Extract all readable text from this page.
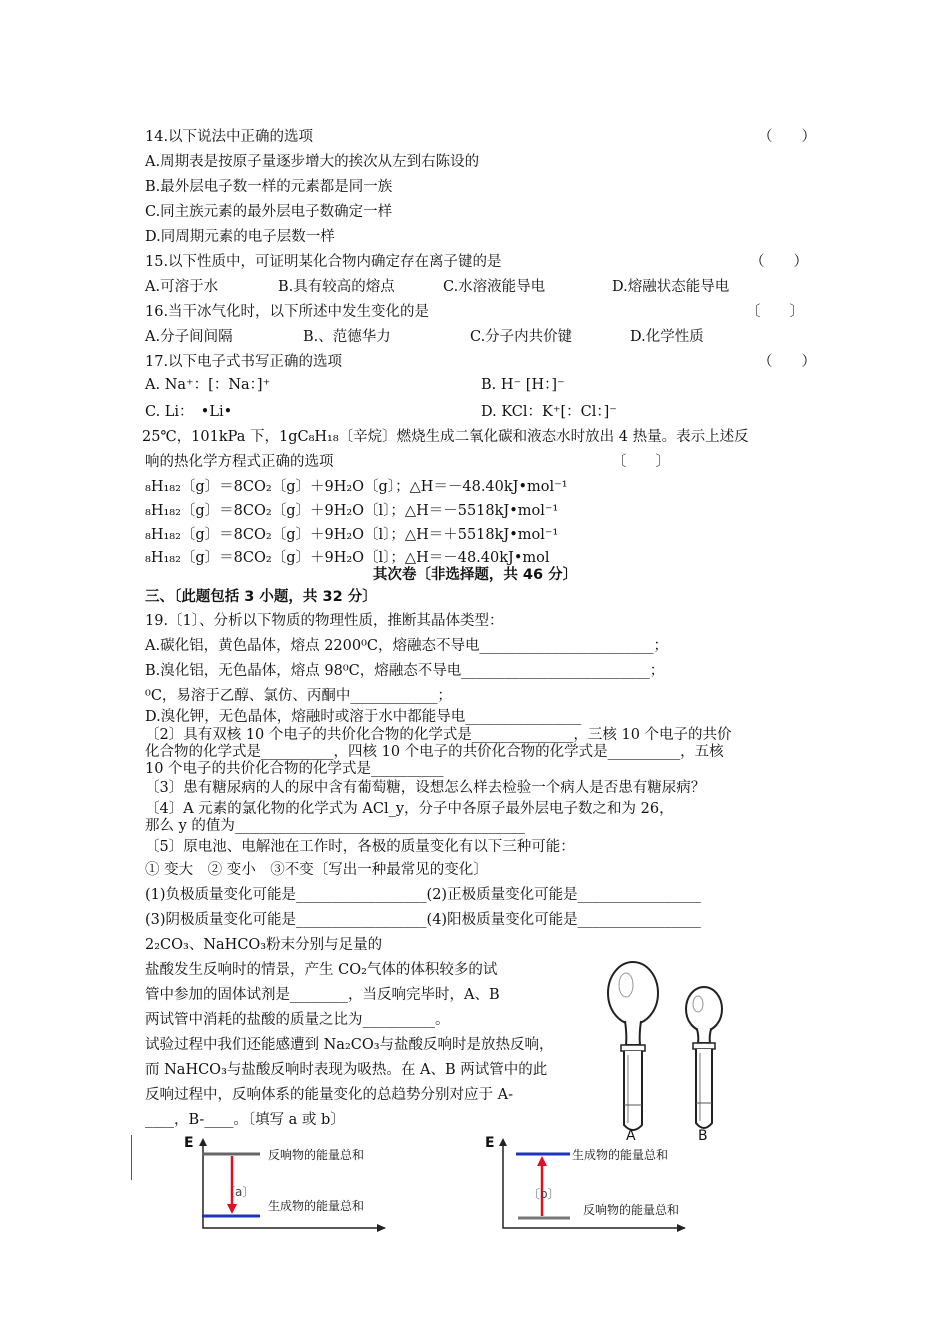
14.以下说法中正确的选项	（　　）
A.周期表是按原子量逐步增大的挨次从左到右陈设的
B.最外层电子数一样的元素都是同一族
C.同主族元素的最外层电子数确定一样
D.同周期元素的电子层数一样
15.以下性质中，可证明某化合物内确定存在离子键的是	（　　）
A.可溶于水	B.具有较高的熔点	C.水溶液能导电	D.熔融状态能导电
16.当干冰气化时，以下所述中发生变化的是	〔　　〕
A.分子间间隔	B.、范德华力	C.分子内共价键	D.化学性质
17.以下电子式书写正确的选项	（　　）
A. Na⁺：[：Na：]⁺	B. H⁻ [H：]⁻
C. Li：　•Li•	D. KCl：K⁺[：Cl：]⁻
25℃，101kPa 下，1gC₈H₁₈〔辛烷〕燃烧生成二氧化碳和液态水时放出 4 热量。表示上述反
响的热化学方程式正确的选项	〔　　〕
₈H₁₈₂〔g〕＝8CO₂〔g〕＋9H₂O〔g〕；△H＝－48.40kJ•mol⁻¹
₈H₁₈₂〔g〕＝8CO₂〔g〕＋9H₂O〔l〕；△H＝－5518kJ•mol⁻¹
₈H₁₈₂〔g〕＝8CO₂〔g〕＋9H₂O〔l〕；△H＝＋5518kJ•mol⁻¹
₈H₁₈₂〔g〕＝8CO₂〔g〕＋9H₂O〔l〕；△H＝－48.40kJ•mol
其次卷〔非选择题，共 46 分〕
三、〔此题包括 3 小题，共 32 分〕
19.〔1〕、分析以下物质的物理性质，推断其晶体类型：
A.碳化铝，黄色晶体，熔点 2200⁰C，熔融态不导电________________________；
B.溴化铝，无色晶体，熔点 98⁰C，熔融态不导电__________________________；
⁰C，易溶于乙醇、氯仿、丙酮中____________；
D.溴化钾，无色晶体，熔融时或溶于水中都能导电________________
〔2〕具有双核 10 个电子的共价化合物的化学式是______________，三核 10 个电子的共价
化合物的化学式是__________，四核 10 个电子的共价化合物的化学式是__________，五核
10 个电子的共价化合物的化学式是__________
〔3〕患有糖尿病的人的尿中含有葡萄糖，设想怎么样去检验一个病人是否患有糖尿病？
〔4〕A 元素的氯化物的化学式为 ACl_y，分子中各原子最外层电子数之和为 26，
那么 y 的值为________________________________________
〔5〕原电池、电解池在工作时，各极的质量变化有以下三种可能：
① 变大　② 变小　③不变〔写出一种最常见的变化〕
(1)负极质量变化可能是__________________(2)正极质量变化可能是_________________
(3)阴极质量变化可能是__________________(4)阳极质量变化可能是_________________
2₂CO₃、NaHCO₃粉末分别与足量的
盐酸发生反响时的情景，产生 CO₂气体的体积较多的试
管中参加的固体试剂是________，当反响完毕时，A、B
两试管中消耗的盐酸的质量之比为__________。
试验过程中我们还能感遭到 Na₂CO₃与盐酸反响时是放热反响，
而 NaHCO₃与盐酸反响时表现为吸热。在 A、B 两试管中的此
反响过程中，反响体系的能量变化的总趋势分别对应于 A-
____，B-____。〔填写 a 或 b〕
A	B
E
反响物的能量总和
生成物的能量总和
〔a〕
E
生成物的能量总和
反响物的能量总和
〔b〕
